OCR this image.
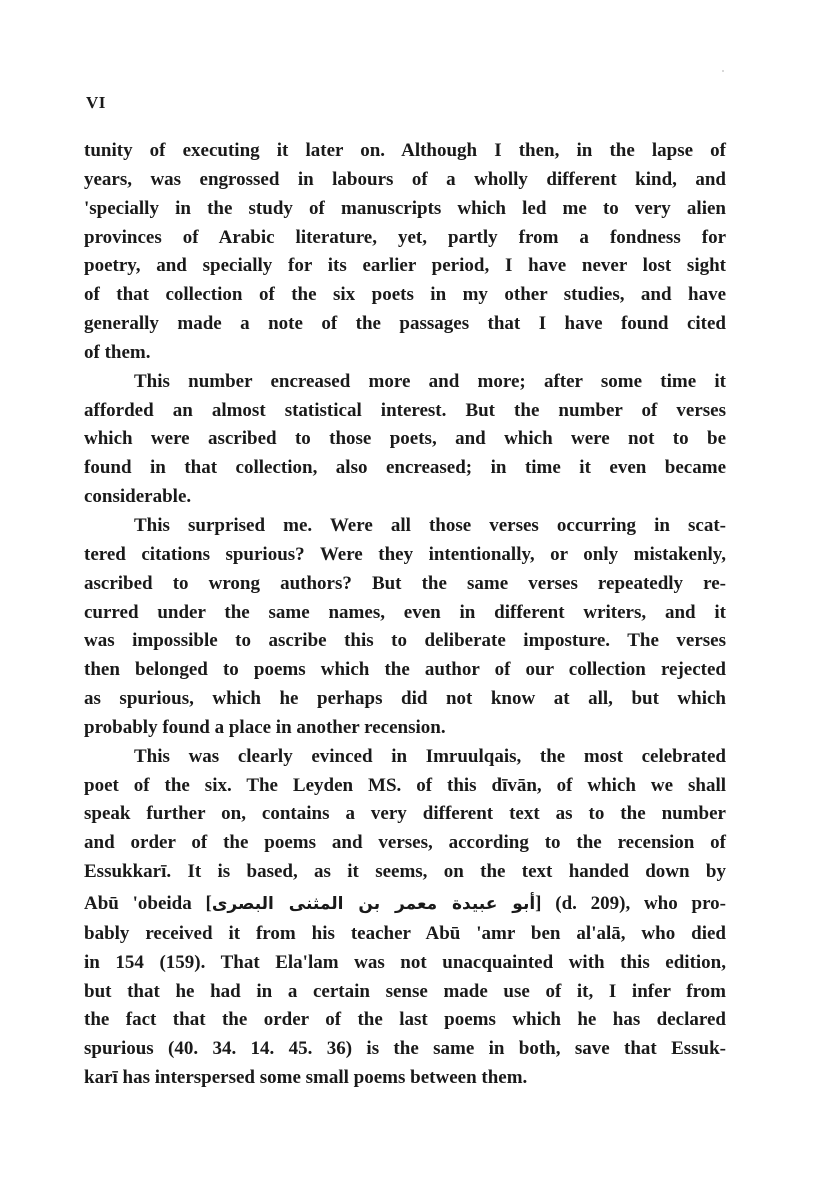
VI
tunity of executing it later on. Although I then, in the lapse of
years, was engrossed in labours of a wholly different kind, and
'specially in the study of manuscripts which led me to very alien
provinces of Arabic literature, yet, partly from a fondness for
poetry, and specially for its earlier period, I have never lost sight
of that collection of the six poets in my other studies, and have
generally made a note of the passages that I have found cited
of them.
This number encreased more and more; after some time it
afforded an almost statistical interest. But the number of verses
which were ascribed to those poets, and which were not to be
found in that collection, also encreased; in time it even became
considerable.
This surprised me. Were all those verses occurring in scat-
tered citations spurious? Were they intentionally, or only mistakenly,
ascribed to wrong authors? But the same verses repeatedly re-
curred under the same names, even in different writers, and it
was impossible to ascribe this to deliberate imposture. The verses
then belonged to poems which the author of our collection rejected
as spurious, which he perhaps did not know at all, but which
probably found a place in another recension.
This was clearly evinced in Imruulqais, the most celebrated
poet of the six. The Leyden MS. of this dīvān, of which we shall
speak further on, contains a very different text as to the number
and order of the poems and verses, according to the recension of
Essukkarī. It is based, as it seems, on the text handed down by
Abū 'obeida [أبو عبيدة معمر بن المثنى البصرى] (d. 209), who pro-
bably received it from his teacher Abū 'amr ben al'alā, who died
in 154 (159). That Ela'lam was not unacquainted with this edition,
but that he had in a certain sense made use of it, I infer from
the fact that the order of the last poems which he has declared
spurious (40. 34. 14. 45. 36) is the same in both, save that Essuk-
karī has interspersed some small poems between them.
